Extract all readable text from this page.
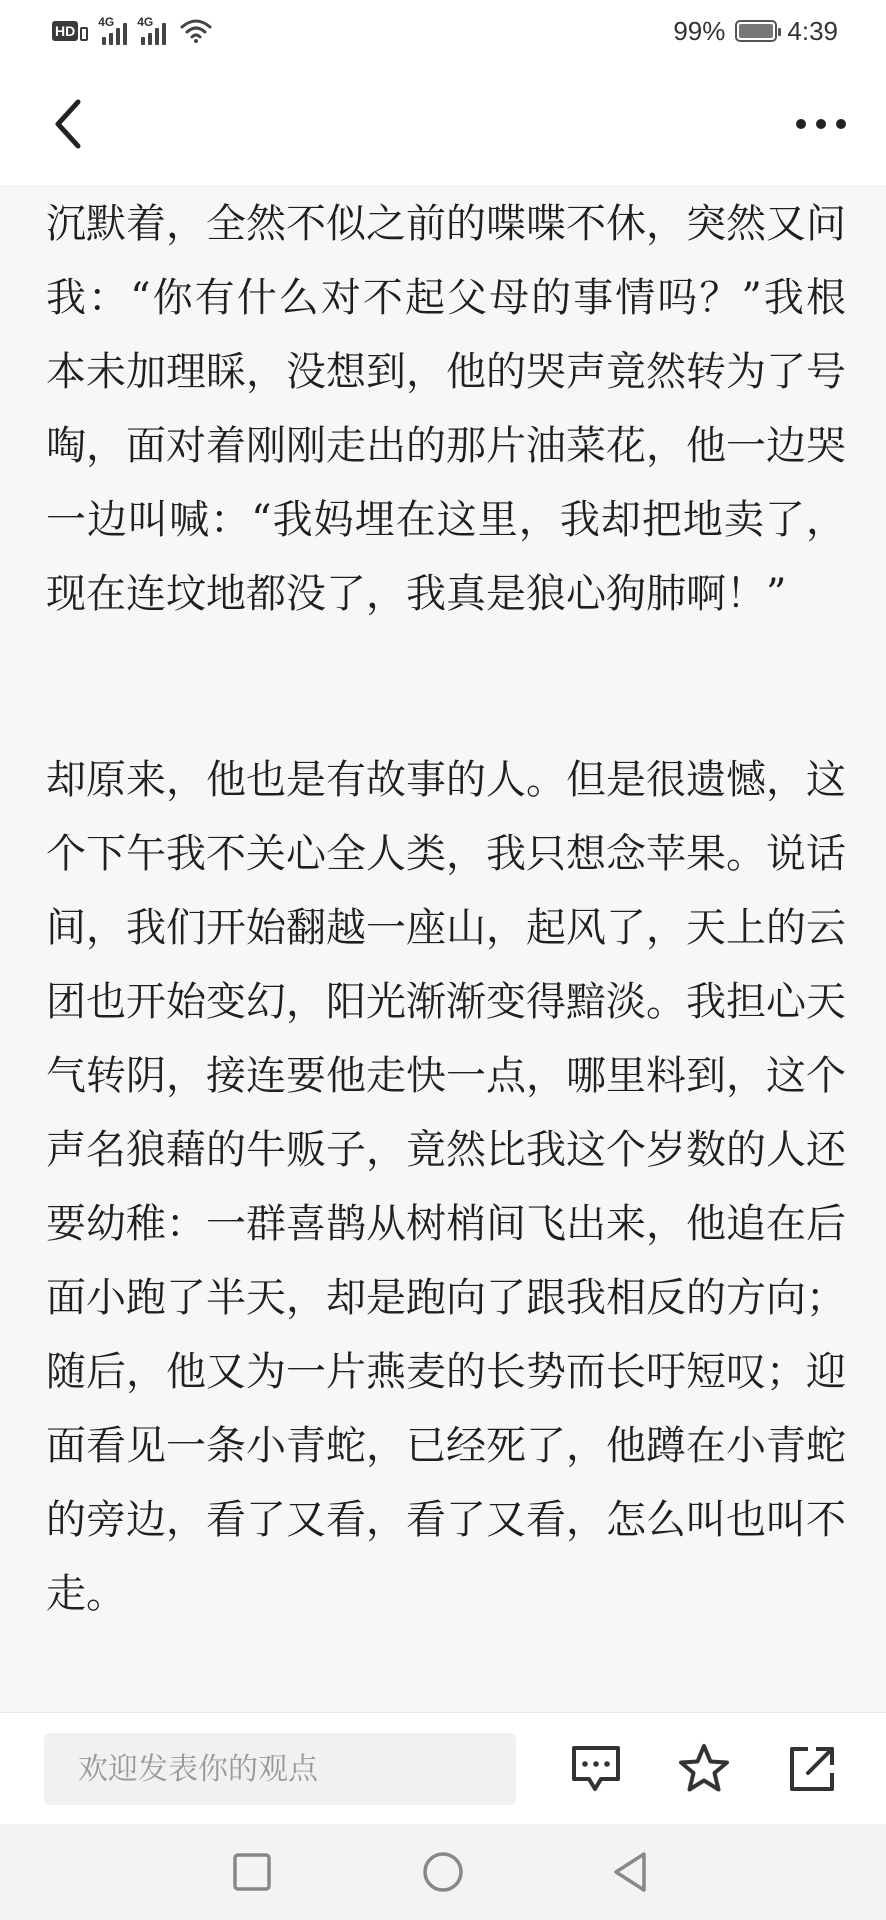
HD
4G 4G	99% 4:39

沉默着，全然不似之前的喋喋不休，突然又问我：“你有什么对不起父母的事情吗？”我根本未加理睬，没想到，他的哭声竟然转为了号啕，面对着刚刚走出的那片油菜花，他一边哭一边叫喊：“我妈埋在这里，我却把地卖了，现在连坟地都没了，我真是狼心狗肺啊！”

却原来，他也是有故事的人。但是很遗憾，这个下午我不关心全人类，我只想念苹果。说话间，我们开始翻越一座山，起风了，天上的云团也开始变幻，阳光渐渐变得黯淡。我担心天气转阴，接连要他走快一点，哪里料到，这个声名狼藉的牛贩子，竟然比我这个岁数的人还要幼稚：一群喜鹊从树梢间飞出来，他追在后面小跑了半天，却是跑向了跟我相反的方向；随后，他又为一片燕麦的长势而长吁短叹；迎面看见一条小青蛇，已经死了，他蹲在小青蛇的旁边，看了又看，看了又看，怎么叫也叫不走。

欢迎发表你的观点
